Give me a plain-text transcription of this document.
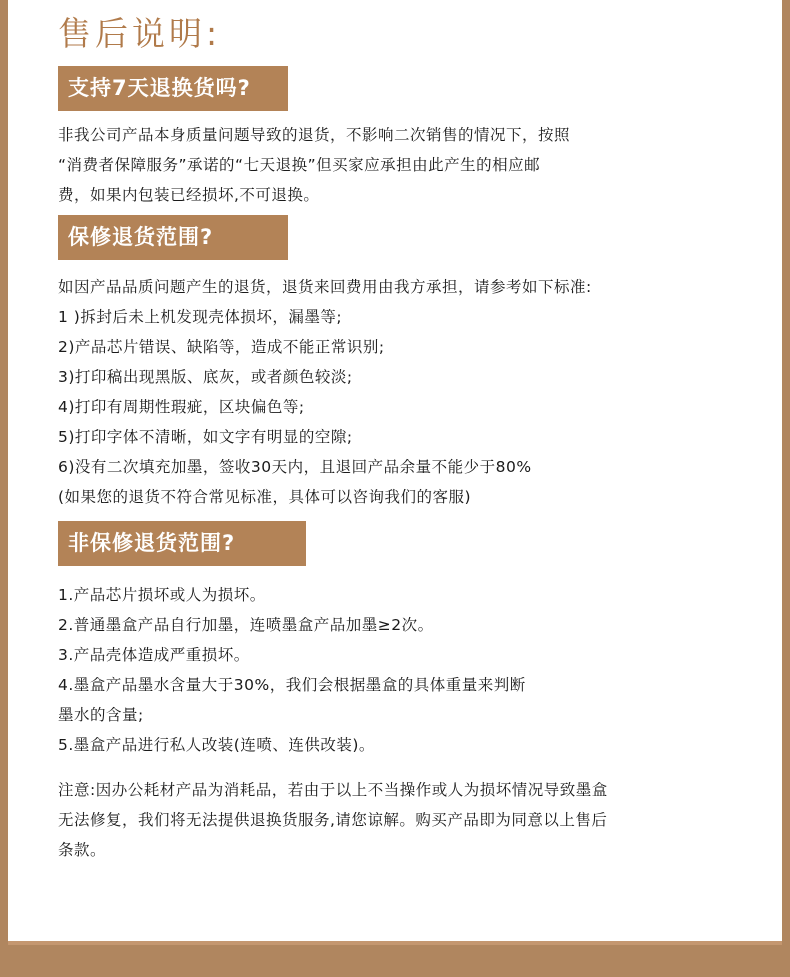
售后说明:
支持7天退换货吗?
非我公司产品本身质量问题导致的退货，不影响二次销售的情况下，按照
“消费者保障服务”承诺的“七天退换”但买家应承担由此产生的相应邮
费，如果内包装已经损坏,不可退换。
保修退货范围?
如因产品品质问题产生的退货，退货来回费用由我方承担，请参考如下标准:
1 )拆封后未上机发现壳体损坏，漏墨等;
2)产品芯片错误、缺陷等，造成不能正常识别;
3)打印稿出现黑版、底灰，或者颜色较淡;
4)打印有周期性瑕疵，区块偏色等;
5)打印字体不清晰，如文字有明显的空隙;
6)没有二次填充加墨，签收30天内，且退回产品余量不能少于80%
(如果您的退货不符合常见标准，具体可以咨询我们的客服)
非保修退货范围?
1.产品芯片损坏或人为损坏。
2.普通墨盒产品自行加墨，连喷墨盒产品加墨≥2次。
3.产品壳体造成严重损坏。
4.墨盒产品墨水含量大于30%，我们会根据墨盒的具体重量来判断
墨水的含量;
5.墨盒产品进行私人改装(连喷、连供改装)。
注意:因办公耗材产品为消耗品，若由于以上不当操作或人为损坏情况导致墨盒
无法修复，我们将无法提供退换货服务,请您谅解。购买产品即为同意以上售后
条款。
